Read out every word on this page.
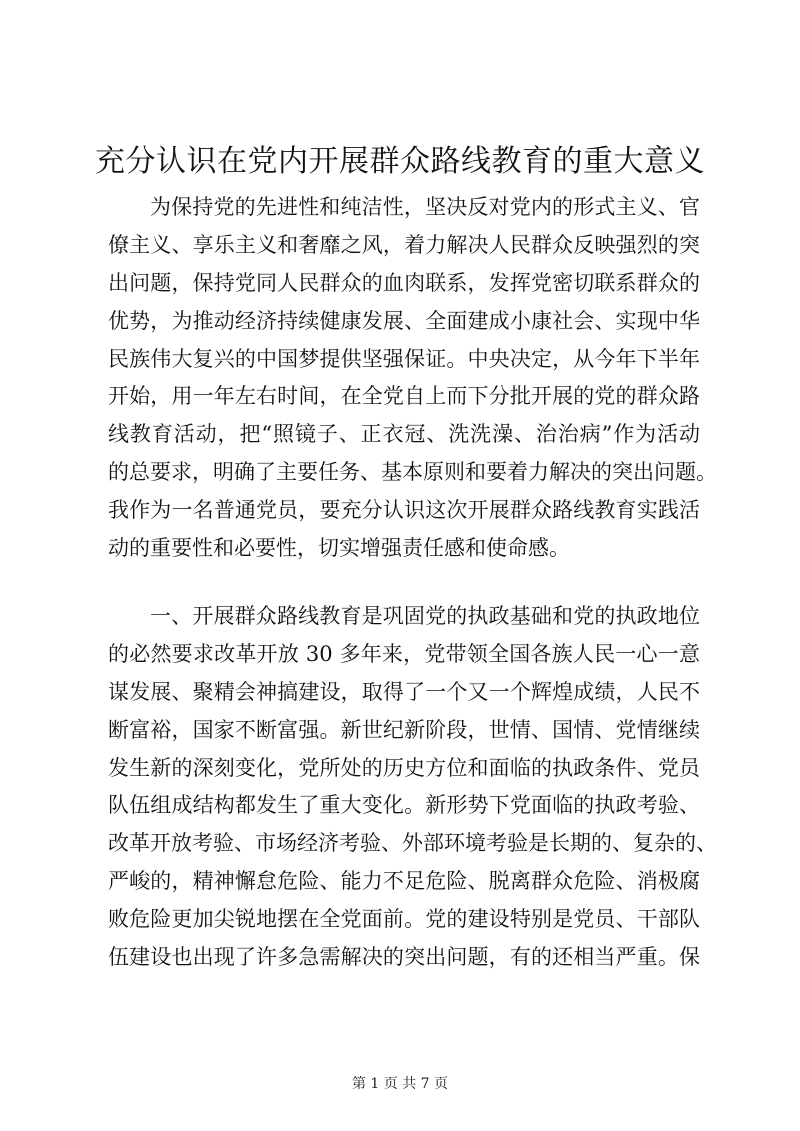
充分认识在党内开展群众路线教育的重大意义
为保持党的先进性和纯洁性，坚决反对党内的形式主义、官
僚主义、享乐主义和奢靡之风，着力解决人民群众反映强烈的突
出问题，保持党同人民群众的血肉联系，发挥党密切联系群众的
优势，为推动经济持续健康发展、全面建成小康社会、实现中华
民族伟大复兴的中国梦提供坚强保证。中央决定，从今年下半年
开始，用一年左右时间，在全党自上而下分批开展的党的群众路
线教育活动，把“照镜子、正衣冠、洗洗澡、治治病”作为活动
的总要求，明确了主要任务、基本原则和要着力解决的突出问题。
我作为一名普通党员，要充分认识这次开展群众路线教育实践活
动的重要性和必要性，切实增强责任感和使命感。
一、开展群众路线教育是巩固党的执政基础和党的执政地位
的必然要求改革开放 30 多年来，党带领全国各族人民一心一意
谋发展、聚精会神搞建设，取得了一个又一个辉煌成绩，人民不
断富裕，国家不断富强。新世纪新阶段，世情、国情、党情继续
发生新的深刻变化，党所处的历史方位和面临的执政条件、党员
队伍组成结构都发生了重大变化。新形势下党面临的执政考验、
改革开放考验、市场经济考验、外部环境考验是长期的、复杂的、
严峻的，精神懈怠危险、能力不足危险、脱离群众危险、消极腐
败危险更加尖锐地摆在全党面前。党的建设特别是党员、干部队
伍建设也出现了许多急需解决的突出问题，有的还相当严重。保
第 1 页 共 7 页
